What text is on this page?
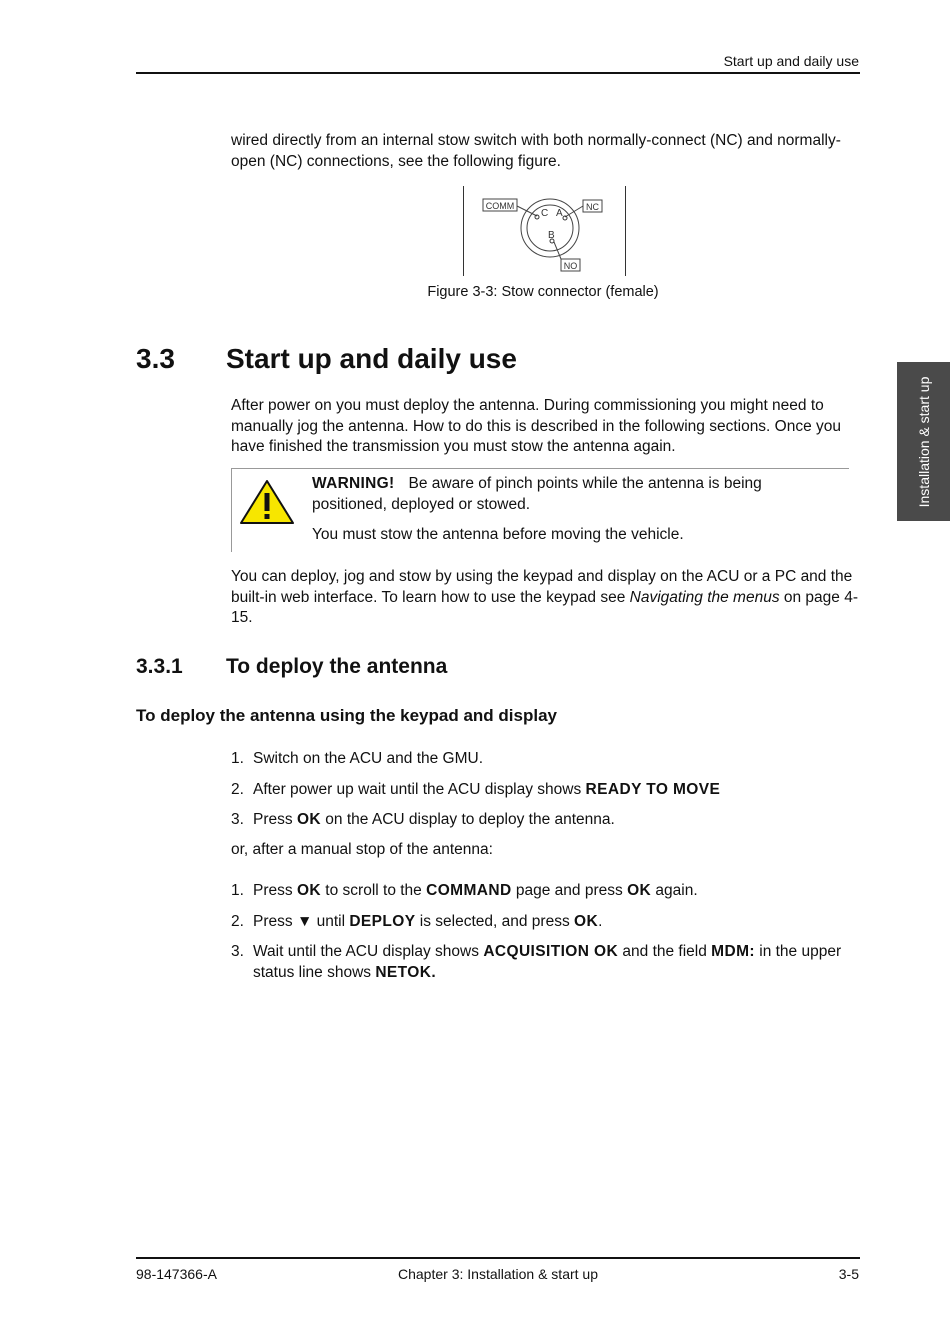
Start up and daily use
wired directly from an internal stow switch with both normally-connect (NC) and normally-open (NC) connections, see the following figure.
COMM	NC
NO
C A
B
Figure 3-3: Stow connector (female)
3.3 Start up and daily use
After power on you must deploy the antenna. During commissioning you might need to manually jog the antenna. How to do this is described in the following sections. Once you have finished the transmission you must stow the antenna again.
WARNING! Be aware of pinch points while the antenna is being positioned, deployed or stowed.
You must stow the antenna before moving the vehicle.
You can deploy, jog and stow by using the keypad and display on the ACU or a PC and the built-in web interface. To learn how to use the keypad see Navigating the menus on page 4-15.
3.3.1 To deploy the antenna
To deploy the antenna using the keypad and display
1. Switch on the ACU and the GMU.
2. After power up wait until the ACU display shows READY TO MOVE
3. Press OK on the ACU display to deploy the antenna.
or, after a manual stop of the antenna:
1. Press OK to scroll to the COMMAND page and press OK again.
2. Press ▼ until DEPLOY is selected, and press OK.
3. Wait until the ACU display shows ACQUISITION OK and the field MDM: in the upper status line shows NETOK.
Installation & start up
98-147366-A	Chapter 3: Installation & start up	3-5
